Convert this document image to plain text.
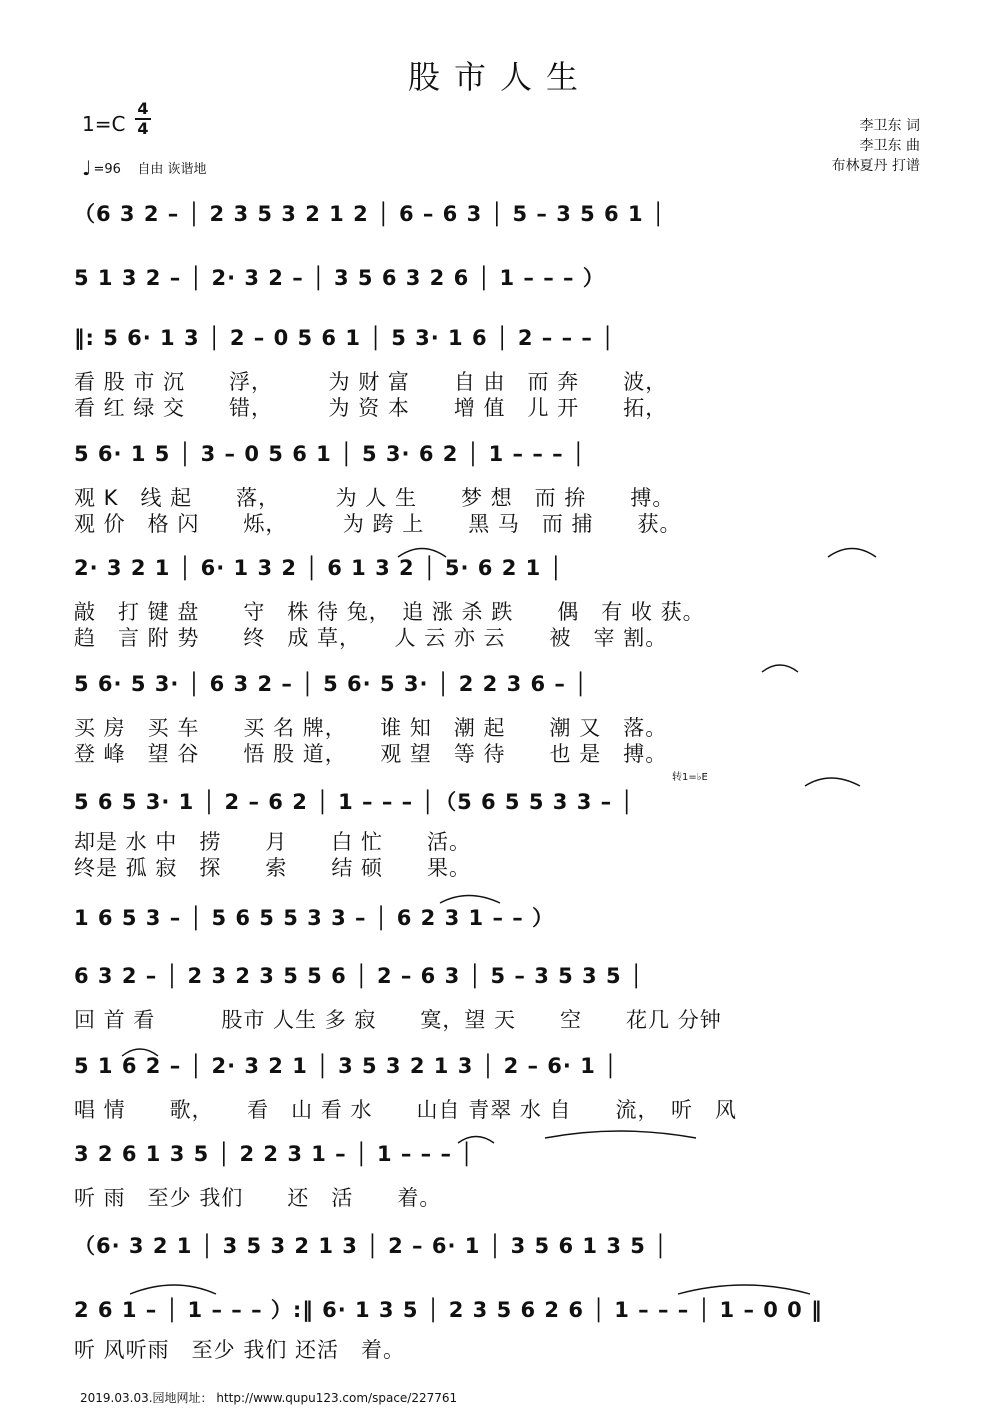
股市人生
1=C
4
4
♩ =96 自由 诙谐地
李卫东 词
李卫东 曲
布林夏丹 打谱
（6 3 2 – │ 2 3 5 3 2 1 2 │ 6 – 6 3 │ 5 – 3 5 6 1 │
5 1 3 2 – │ 2· 3 2 – │ 3 5 6 3 2 6 │ 1 – – – ）
‖: 5 6· 1 3 │ 2 – 0 5 6 1 │ 5 3· 1 6 │ 2 – – – │
看 股 市 沉　　浮，　　　为 财 富　　自 由　而 奔　　波，
看 红 绿 交　　错，　　　为 资 本　　增 值　儿 开　　拓，
5 6· 1 5 │ 3 – 0 5 6 1 │ 5 3· 6 2 │ 1 – – – │
观 K　线 起　　落，　　　为 人 生　　梦 想　而 拚　　搏。
观 价　格 闪　　烁，　　　为 跨 上　　黑 马　而 捕　　获。
2· 3 2 1 │ 6· 1 3 2 │ 6 1 3 2 │ 5· 6 2 1 │
敲　打 键 盘　　守　株 待 兔，　追 涨 杀 跌　　偶　有 收 获。
趋　言 附 势　　终　成 草，　　人 云 亦 云　　被　宰 割。
5 6· 5 3· │ 6 3 2 – │ 5 6· 5 3· │ 2 2 3 6 – │
买 房　买 车　　买 名 牌，　　谁 知　潮 起　　潮 又　落。
登 峰　望 谷　　悟 股 道，　　观 望　等 待　　也 是　搏。
5 6 5 3· 1 │ 2 – 6 2 │ 1 – – – │（5 6 5 5 3 3 – │
却是 水 中　捞　　月　　白 忙　　活。
终是 孤 寂　探　　索　　结 硕　　果。
1 6 5 3 – │ 5 6 5 5 3 3 – │ 6 2 3 1 – – ）
6 3 2 – │ 2 3 2 3 5 5 6 │ 2 – 6 3 │ 5 – 3 5 3 5 │
回 首 看　　　股市 人生 多 寂　　寞，望 天　　空　　花几 分钟
5 1 6 2 – │ 2· 3 2 1 │ 3 5 3 2 1 3 │ 2 – 6· 1 │
唱 情　　歌，　　看　山 看 水　　山自 青翠 水 自　　流，　听　风
3 2 6 1 3 5 │ 2 2 3 1 – │ 1 – – – │
听 雨　至少 我们　　还　活　　着。
（6· 3 2 1 │ 3 5 3 2 1 3 │ 2 – 6· 1 │ 3 5 6 1 3 5 │
2 6 1 – │ 1 – – – ）:‖ 6· 1 3 5 │ 2 3 5 6 2 6 │ 1 – – – │ 1 – 0 0 ‖
听 风听雨　至少 我们 还活　着。
转1=♭E
2019.03.03.园地网址： http://www.qupu123.com/space/227761
